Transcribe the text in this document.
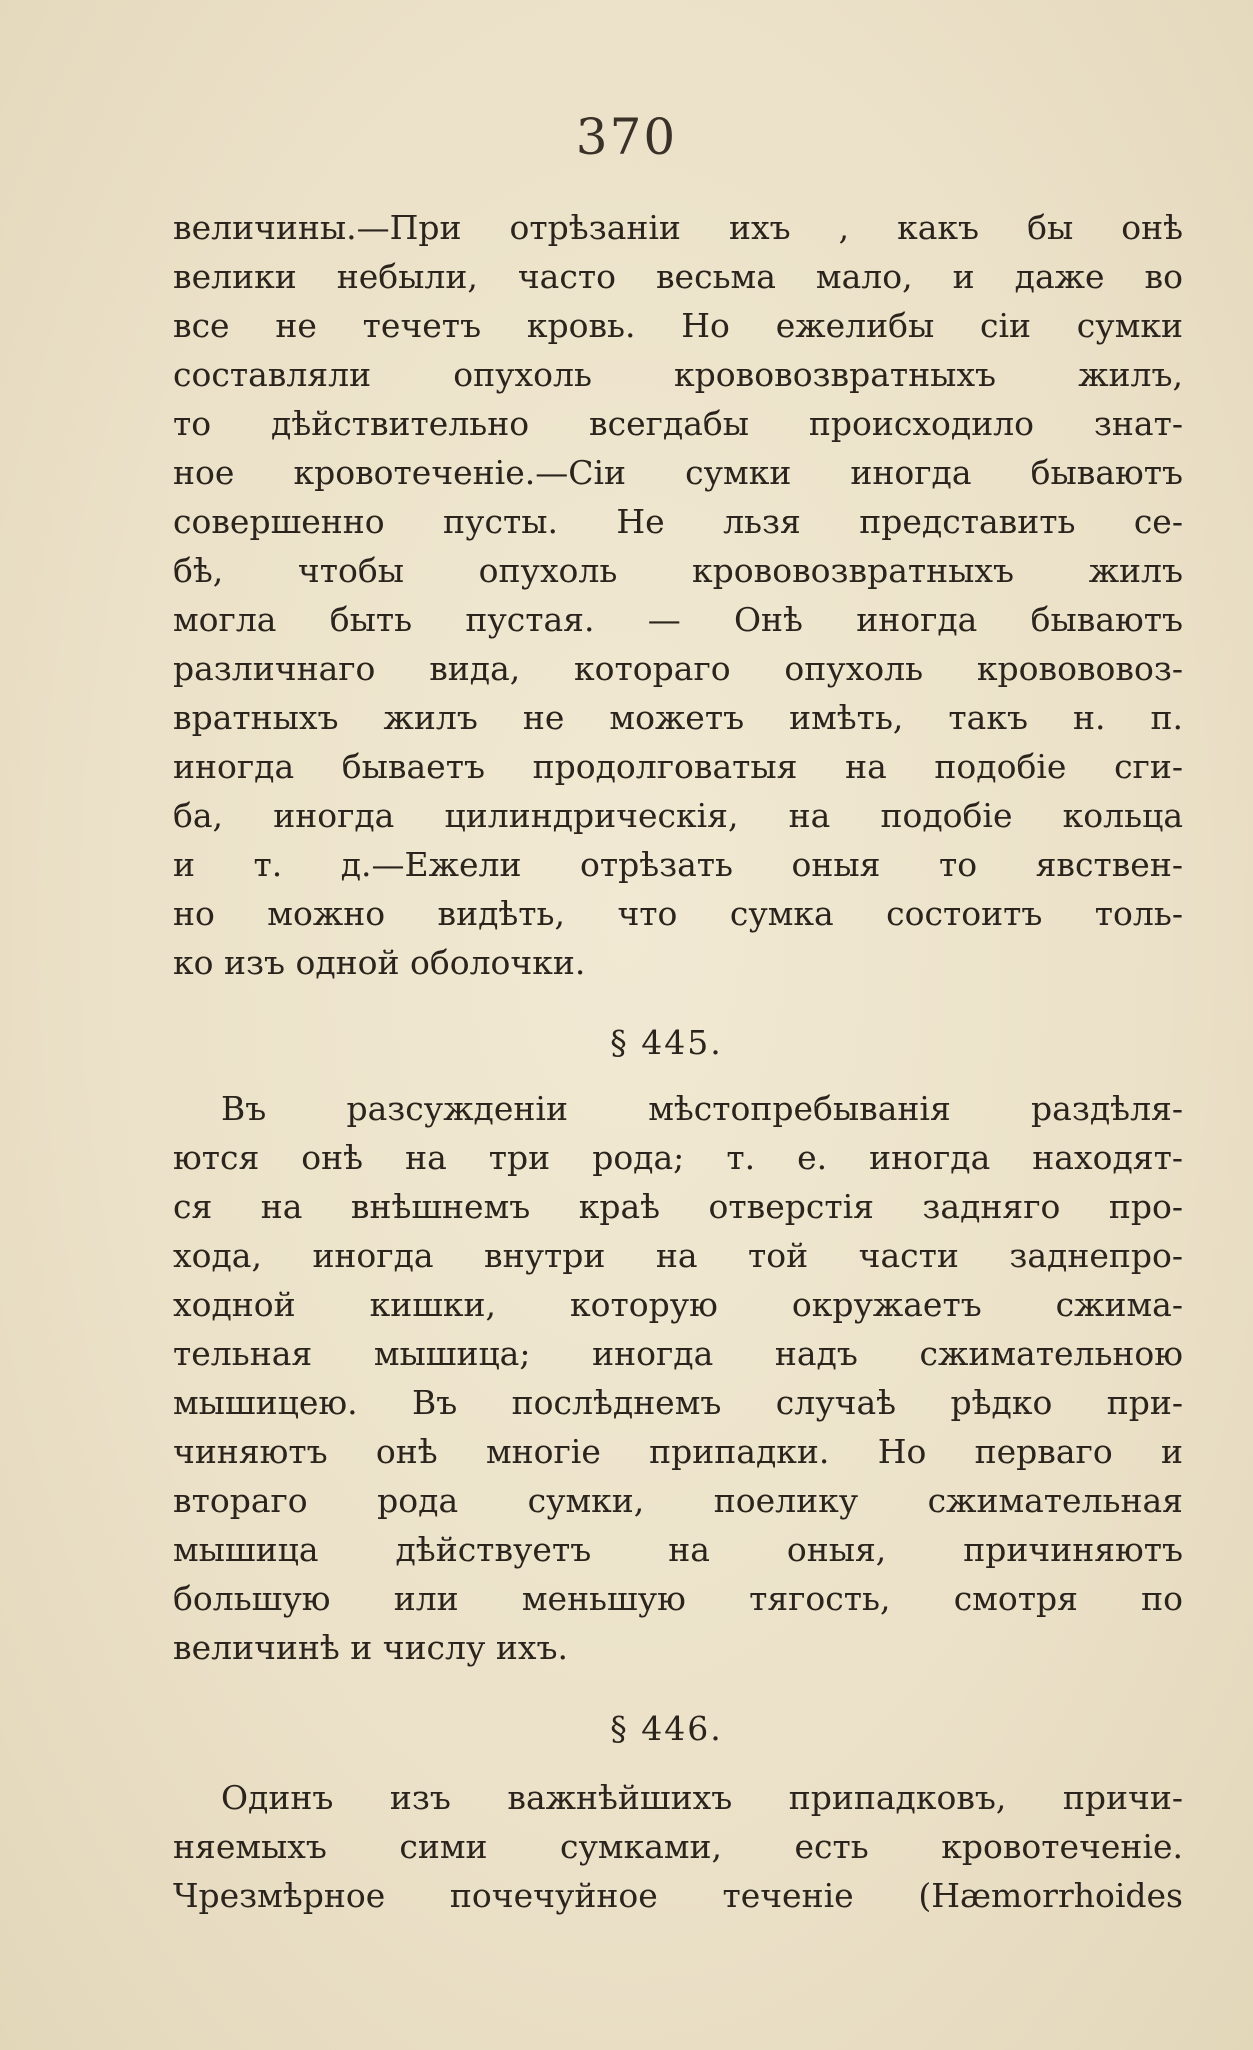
370
величины.—При отрѣзаніи ихъ , какъ бы онѣ
велики небыли, часто весьма мало, и даже во
все не течетъ кровь. Но ежелибы сіи сумки
составляли опухоль крововозвратныхъ жилъ,
то дѣйствительно всегдабы происходило знат-
ное кровотеченіе.—Сіи сумки иногда бываютъ
совершенно пусты. Не льзя представить се-
бѣ, чтобы опухоль крововозвратныхъ жилъ
могла быть пустая. — Онѣ иногда бываютъ
различнаго вида, котораго опухоль кровововоз-
вратныхъ жилъ не можетъ имѣть, такъ н. п.
иногда бываетъ продолговатыя на подобіе сги-
ба, иногда цилиндрическія, на подобіе кольца
и т. д.—Ежели отрѣзать оныя то явствен-
но можно видѣть, что сумка состоитъ толь-
ко изъ одной оболочки.
§ 445.
Въ разсужденіи мѣстопребыванія раздѣля-
ются онѣ на три рода; т. е. иногда находят-
ся на внѣшнемъ краѣ отверстія задняго про-
хода, иногда внутри на той части заднепро-
ходной кишки, которую окружаетъ сжима-
тельная мышица; иногда надъ сжимательною
мышицею. Въ послѣднемъ случаѣ рѣдко при-
чиняютъ онѣ многіе припадки. Но перваго и
втораго рода сумки, поелику сжимательная
мышица дѣйствуетъ на оныя, причиняютъ
большую или меньшую тягость, смотря по
величинѣ и числу ихъ.
§ 446.
Одинъ изъ важнѣйшихъ припадковъ, причи-
няемыхъ сими сумками, есть кровотеченіе.
Чрезмѣрное почечуйное теченіе (Hæmorrhoides
